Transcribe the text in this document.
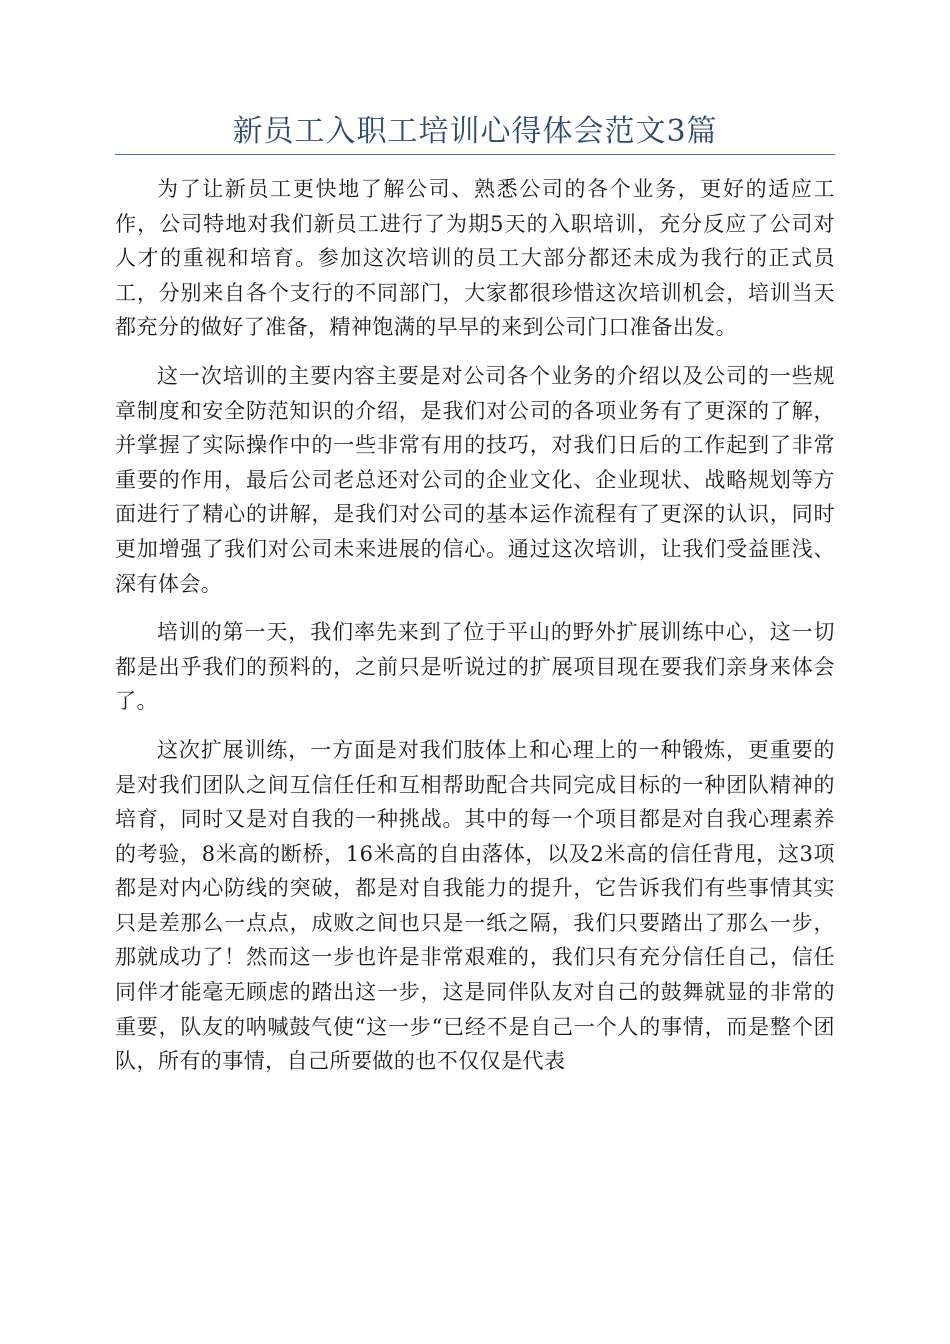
新员工入职工培训心得体会范文3篇

为了让新员工更快地了解公司、熟悉公司的各个业务，更好的适应工作，公司特地对我们新员工进行了为期5天的入职培训，充分反应了公司对人才的重视和培育。参加这次培训的员工大部分都还未成为我行的正式员工，分别来自各个支行的不同部门，大家都很珍惜这次培训机会，培训当天都充分的做好了准备，精神饱满的早早的来到公司门口准备出发。

这一次培训的主要内容主要是对公司各个业务的介绍以及公司的一些规章制度和安全防范知识的介绍，是我们对公司的各项业务有了更深的了解，并掌握了实际操作中的一些非常有用的技巧，对我们日后的工作起到了非常重要的作用，最后公司老总还对公司的企业文化、企业现状、战略规划等方面进行了精心的讲解，是我们对公司的基本运作流程有了更深的认识，同时更加增强了我们对公司未来进展的信心。通过这次培训，让我们受益匪浅、深有体会。

培训的第一天，我们率先来到了位于平山的野外扩展训练中心，这一切都是出乎我们的预料的，之前只是听说过的扩展项目现在要我们亲身来体会了。

这次扩展训练，一方面是对我们肢体上和心理上的一种锻炼，更重要的是对我们团队之间互信任任和互相帮助配合共同完成目标的一种团队精神的培育，同时又是对自我的一种挑战。其中的每一个项目都是对自我心理素养的考验，8米高的断桥，16米高的自由落体，以及2米高的信任背甩，这3项都是对内心防线的突破，都是对自我能力的提升，它告诉我们有些事情其实只是差那么一点点，成败之间也只是一纸之隔，我们只要踏出了那么一步，那就成功了！然而这一步也许是非常艰难的，我们只有充分信任自己，信任同伴才能毫无顾虑的踏出这一步，这是同伴队友对自己的鼓舞就显的非常的重要，队友的呐喊鼓气使“这一步“已经不是自己一个人的事情，而是整个团队，所有的事情，自己所要做的也不仅仅是代表
